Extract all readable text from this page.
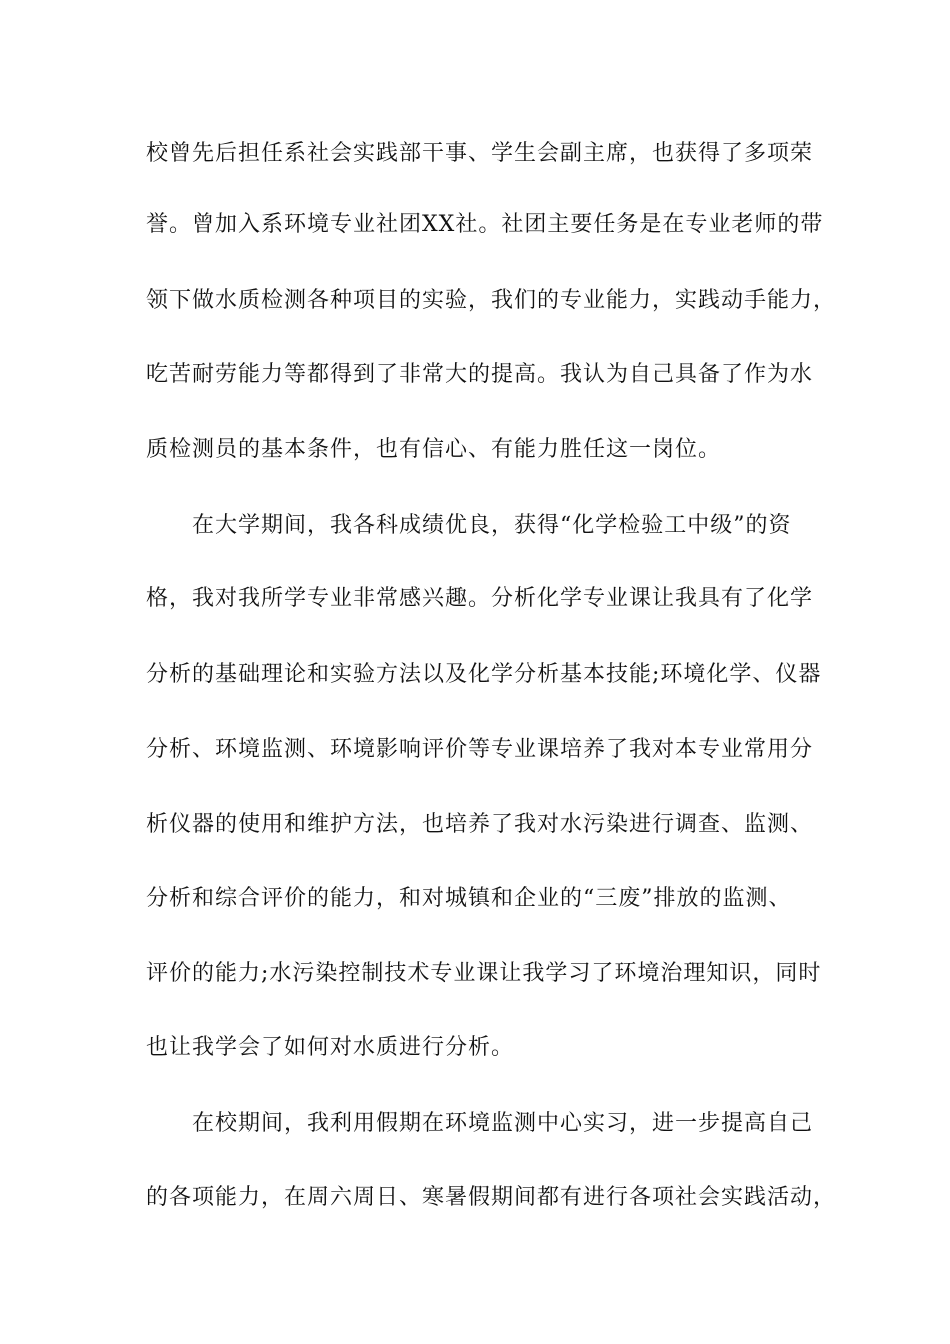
校曾先后担任系社会实践部干事、学生会副主席，也获得了多项荣
誉。曾加入系环境专业社团XX社。社团主要任务是在专业老师的带
领下做水质检测各种项目的实验，我们的专业能力，实践动手能力，
吃苦耐劳能力等都得到了非常大的提高。我认为自己具备了作为水
质检测员的基本条件，也有信心、有能力胜任这一岗位。
　　在大学期间，我各科成绩优良，获得“化学检验工中级”的资
格，我对我所学专业非常感兴趣。分析化学专业课让我具有了化学
分析的基础理论和实验方法以及化学分析基本技能;环境化学、仪器
分析、环境监测、环境影响评价等专业课培养了我对本专业常用分
析仪器的使用和维护方法，也培养了我对水污染进行调查、监测、
分析和综合评价的能力，和对城镇和企业的“三废”排放的监测、
评价的能力;水污染控制技术专业课让我学习了环境治理知识，同时
也让我学会了如何对水质进行分析。
　　在校期间，我利用假期在环境监测中心实习，进一步提高自己
的各项能力，在周六周日、寒暑假期间都有进行各项社会实践活动，
